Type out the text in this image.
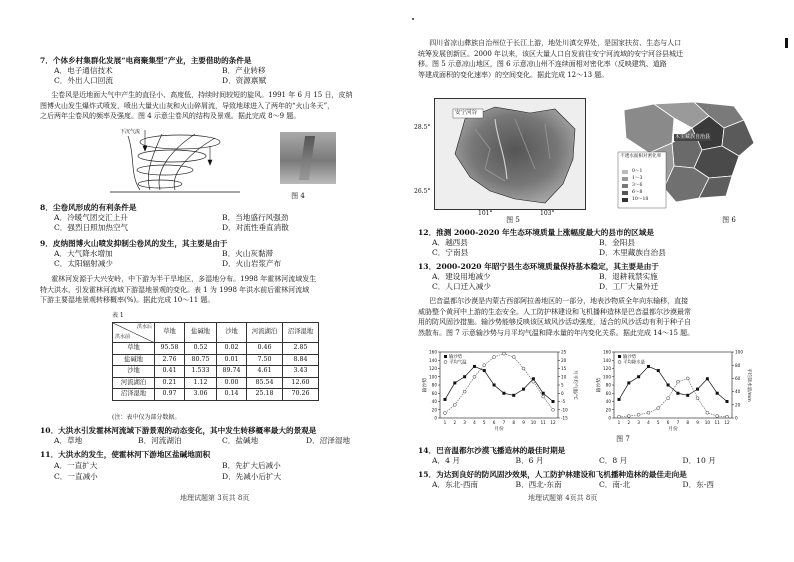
7．个体乡村集群化发展“电商聚集型”产业，主要借助的条件是
A．电子通信技术	B．产业转移
C．外出人口回流	D．资源禀赋
尘卷风是近地面大气中产生的直径小、高度低，持续时间较短的旋风。1991 年 6 月 15 日，皮纳
图博火山发生爆炸式喷发，喷出大量火山灰和火山碎屑流，导致地球进入了两年的“火山冬天”，
之后两年尘卷风的频率及强度。图 4 示意尘卷风的结构及景观。据此完成 8～9 题。
下沉气流
图 4
8．尘卷风形成的有利条件是
A．冷暖气团交汇上升	B．当地盛行风强劲
C．强烈日照加热空气	D．对流性垂直消散
9．皮纳图博火山喷发抑制尘卷风的发生，其主要是由于
A．大气降水增加	B．火山灰黏滞
C．太阳辐射减少	D．火山岩浆产布
霍林河发源于大兴安岭，中下游为半干旱地区，多湿地分布。1998 年霍林河流域发生
特大洪水，引发霍林河流域下游湿地景观的变化。表 1 为 1998 年洪水前后霍林河流域
下游主要湿地景观转移概率(%)。据此完成 10～11 题。
表 1
洪水后
洪水前	草地	盐碱地	沙地	河流湖泊	沼泽湿地
草地	95.58	0.52	0.02	0.46	2.85
盐碱地	2.76	80.75	0.01	7.50	8.84
沙地	0.41	1.533	89.74	4.61	3.43
河流湖泊	0.21	1.12	0.00	85.54	12.60
沼泽湿地	0.97	3.06	0.14	25.18	70.26
(注：表中仅为部分数据。
10．大洪水引发霍林河流域下游景观的动态变化，其中发生转移概率最大的景观是
A．草地	B．河流湖泊	C．盐碱地	D．沼泽湿地
11．大洪水的发生，使霍林河下游地区盐碱地面积
A．一直扩大	B．先扩大后减小
C．一直减小	D．先减小后扩大
地理试题第 3页共 8页
四川省凉山彝族自治州位于长江上游，地处川滇交界处，是国家扶贫、生态与人口
统筹发展创新区。2000 年以来，该区大量人口自发前往安宁河流域的安宁河谷县城迁
移。图 5 示意凉山地区，图 6 示意凉山州不连续面相对密化率（反映建筑、道路
等建成面积的变化速率）的空间变化。据此完成 12～13 题。
安宁河谷
28.5°
26.5°
101°	103°
图 5
木里藏族自治县
不透水面相对密化率
0～1
1～3
3～6
6～8
10～18
图 6
12．推测 2000-2020 年生态环境质量上涨幅度最大的县市的区域是
A．越西县	B．金阳县
C．宁南县	D．木里藏族自治县
13．2000-2020 年昭宁县生态环境质量保持基本稳定，其主要是由于
A．建设用地减少	B．退耕栽禁实施
C．人口迁入减少	D．工厂大量外迁
巴音温都尔沙漠是内蒙古西部阿拉善地区的一部分，地表沙物质全年向东输移，直接
威胁整个黄河中上游的生态安全。人工防护林建设和飞机播种造林是巴音温都尔沙漠最常
用的防风固沙措施。输沙势能够反映该区域风沙活动强度，适合的风沙活动有利于种子自
然散布。图 7 示意输沙势与月平均气温和降水量的年内变化关系。据此完成 14～15 题。
0
20
40
60
80
100
120
140
160
-15
-10
-5
0
5
10
15
20
25
1 2 3 4 5 6 7 8 9 10 11 12
月份
输沙势	月平均气温/℃
输沙势
平均气温
0
20
40
60
80
100
120
140
160
0
20
40
60
80
100
1 2 3 4 5 6 7 8 9 10 11 12
月份
输沙势	平均降水量/mm
输沙势
平均降水量
图 7
14．巴音温都尔沙漠飞播造林的最佳时期是
A．4 月	B．6 月	C．8 月	D．10 月
15．为达到良好的防风固沙效果，人工防护林建设和飞机播种造林的最佳走向是
A．东北-西南	B．西北-东南	C．南-北	D．东-西
地理试题第 4页共 8页
